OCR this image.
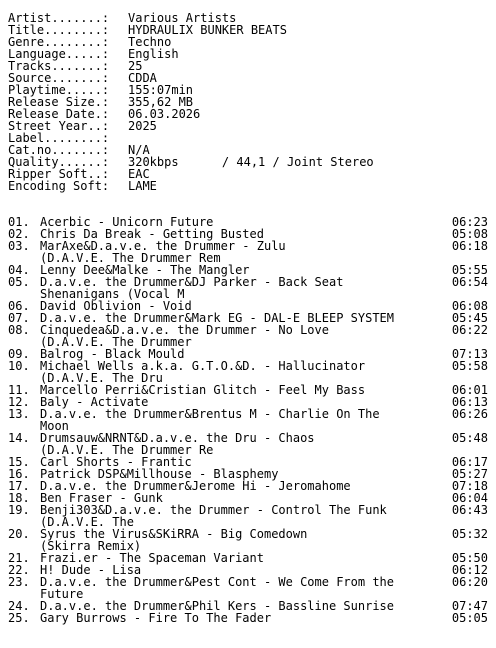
Artist.......: Various Artists
Title........: HYDRAULIX BUNKER BEATS
Genre........: Techno
Language.....: English
Tracks.......: 25
Source.......: CDDA
Playtime.....: 155:07min
Release Size.: 355,62 MB
Release Date.: 06.03.2026
Street Year..: 2025
Label........:
Cat.no.......: N/A
Quality......: 320kbps      / 44,1 / Joint Stereo
Ripper Soft..: EAC
Encoding Soft: LAME
01. Acerbic - Unicorn Future	06:23
02. Chris Da Break - Getting Busted	05:08
03. MarAxe&D.a.v.e. the Drummer - Zulu	06:18
(D.A.V.E. The Drummer Rem
04. Lenny Dee&Malke - The Mangler	05:55
05. D.a.v.e. the Drummer&DJ Parker - Back Seat	06:54
Shenanigans (Vocal M
06. David Oblivion - Void	06:08
07. D.a.v.e. the Drummer&Mark EG - DAL-E BLEEP SYSTEM	05:45
08. Cinquedea&D.a.v.e. the Drummer - No Love	06:22
(D.A.V.E. The Drummer
09. Balrog - Black Mould	07:13
10. Michael Wells a.k.a. G.T.O.&D. - Hallucinator	05:58
(D.A.V.E. The Dru
11. Marcello Perri&Cristian Glitch - Feel My Bass	06:01
12. Baly - Activate	06:13
13. D.a.v.e. the Drummer&Brentus M - Charlie On The	06:26
Moon
14. Drumsauw&NRNT&D.a.v.e. the Dru - Chaos	05:48
(D.A.V.E. The Drummer Re
15. Carl Shorts - Frantic	06:17
16. Patrick DSP&Millhouse - Blasphemy	05:27
17. D.a.v.e. the Drummer&Jerome Hi - Jeromahome	07:18
18. Ben Fraser - Gunk	06:04
19. Benji303&D.a.v.e. the Drummer - Control The Funk	06:43
(D.A.V.E. The
20. Syrus the Virus&SKiRRA - Big Comedown	05:32
(Skirra Remix)
21. Frazi.er - The Spaceman Variant	05:50
22. H! Dude - Lisa	06:12
23. D.a.v.e. the Drummer&Pest Cont - We Come From the	06:20
Future
24. D.a.v.e. the Drummer&Phil Kers - Bassline Sunrise	07:47
25. Gary Burrows - Fire To The Fader	05:05
